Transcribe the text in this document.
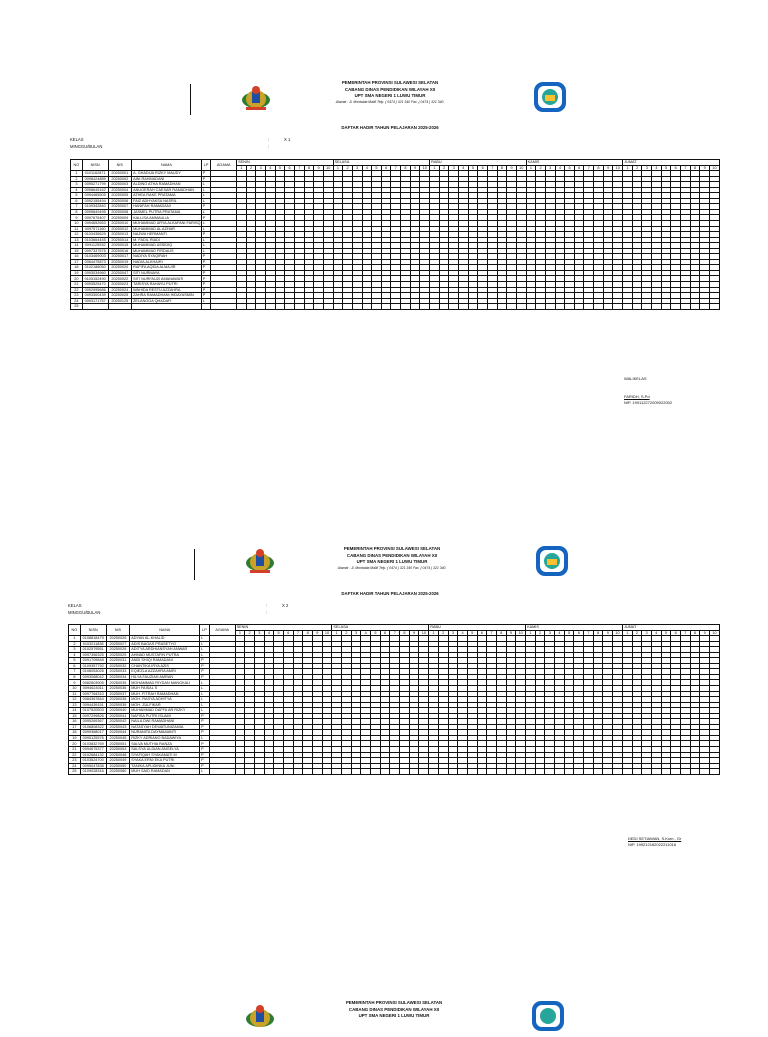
PEMERINTAH PROVINSI SULAWESI SELATAN
CABANG DINAS PENDIDIKAN WILAYAH XII
UPT SMA NEGERI 1 LUWU TIMUR
Alamat : Jl. Montaida Malili Telp. ( 0474 ) 321 340 Fax. ( 0474 ) 321 340.
DAFTAR HADIR TAHUN PELAJARAN 2025-2026
KELAS	:	X 1
MINGGU/BULAN	:
NO	NISN	NIS	NAMA	LP	AGAMA	SENIN										SELASA										RABU										KAMIS										JUMAT									
						1	2	3	4	5	6	7	8	9	10	1	2	3	4	5	6	7	8	9	10	1	2	3	4	5	6	7	8	9	10	1	2	3	4	5	6	7	8	9	10	1	2	3	4	5	6	7	8	9	10
1	0101162871	20250001	A. GHADIJA RIZKY MAUDY	P																																																			
2	0098424889	20250002	AINI RAHMADANI	P																																																			
3	0095271799	20250003	ALDINO ATHA RAMADHAN	L																																																			
4	0098645162	20250004	ANUGERAH CAESAR RAMADHAN	L																																																			
5	0094465505	20250005	ATHEA RAKE PRATAMA	L																																																			
6	0092155494	20250006	FAIZ ADHYAKSA NASRIL	L																																																			
7	0109342840	20250007	HANIFAH RAMADANI	P																																																			
8	0095840495	20250008	JASMEL PUTRA PRATAMA	L																																																			
9	0097675407	20250009	KALLISA AMMAULIA	P																																																			
10	0094652653	20250010	MUHAMMAD ARYA ALKAFANI FARISQ	L																																																			
11	0097571160	20250012	MUHAMMAD AL AZHAR	L																																																			
12	0103435629	20250013	NAJWA HERMANTI	P																																																			
13	0103664445	20250014	M. FADIL RIADI	L																																																			
14	0091125932	20250015	MUHAMMAD ASSIDIQ	L																																																			
15	0097337575	20250016	MUHAMMAD FIRDAUS	L																																																			
16	0103469003	20250017	NADIYA SYAQIRAH	P																																																			
17	0064475873	20250019	NADIA ALKHAIRI	P																																																			
18	0102188050	20250020	RAFIFA AQIDA ALMAJIR	P																																																			
19	0093034960	20250047	SITI NURMAYA	P																																																			
20	0103152490	20250022	SITI NURFAUZI AMANAWATI	P																																																			
21	0093525470	20250023	TARISYA RAHAYU PUTRI	P																																																			
22	0092995686	20250024	WAHIDA RESTU AZZAHRA	P																																																			
23	0093300439	20250025	ZAHRA RAMADHANI HIDAYASMIN	P																																																			
24	0093171757	20250125	ZELANGGA QHADAFI	L																																																			
25																																																							
WALIKELAS
FARIDH, S.Pd
NIP. 199112272009022002
PEMERINTAH PROVINSI SULAWESI SELATAN
CABANG DINAS PENDIDIKAN WILAYAH XII
UPT SMA NEGERI 1 LUWU TIMUR
Alamat : Jl. Montaida Malili Telp. ( 0474 ) 321 340 Fax. ( 0474 ) 321 340.
DAFTAR HADIR TAHUN PELAJARAN 2025-2026
KELAS	:	X 2
MINGGU/BULAN	:
NO	NISN	NIS	NAMA	LP	AGAMA	SENIN										SELASA										RABU										KAMIS										JUMAT									
						1	2	3	4	5	6	7	8	9	10	1	2	3	4	5	6	7	8	9	10	1	2	3	4	5	6	7	8	9	10	1	2	3	4	5	6	7	8	9	10	1	2	3	4	5	6	7	8	9	10
1	0108818479	20250026	ADYAN AL-KHALID	L																																																			
2	0103211836	20250027	ADIS BAGAS PRASETYO	L																																																			
3	0102579551	20250028	ADITYA ARDHIANSYAH ANWAR	L																																																			
4	0097356325	20250029	AHMAD MUSTAFIN PUTRA	L																																																			
5	0091709848	20250031	ANDI SHIQI RAMADANI	P																																																			
6	0109357792	20250032	CHANTIKA IRYA AZIS	P																																																			
7	0108053026	20250033	EQIEZLA AZZAHRA AMRI	P																																																			
8	0093068042	20250034	HILYA FAUZIAH AMRAN	P																																																			
9	0082603905	20250035	MOHAMMAD RIYDAN MANGKALI	L																																																			
10	0094624011	20250036	MUH FAISAL S	L																																																			
11	0097764310	20250037	MUH. FITRAH RAMADHAN	L																																																			
12	0084367844	20250038	MOH. RASYA ADHITYA	L																																																			
13	0094439151	20250039	MOH. ZULFIKAR	L																																																			
14	0107520503	20250040	MUHAMMAD DAFFA AR RIZKY	L																																																			
15	0097299826	20250041	NAFISA PUTRI ISLAMI	P																																																			
16	0095269367	20250042	NAILA DWI RAMADHANI	P																																																			
17	0106808322	20250043	NATASYAH DEWATUNIZAMIA	P																																																			
18	0099368017	20250044	NURANITA DAYMAMANTI	P																																																			
19	0095125576	20250045	RIZKY ADRIANO BADAWIYA	L																																																			
20	0103832769	20250051	SALVA MUTHIA RANZA	P																																																			
21	0094675377	20250053	SALSYA ULDIAN ANGELYA	P																																																			
22	0102684132	20250048	SYAFIQAH SYAKAMATI M	P																																																			
23	0103524700	20250049	SYAKA ERNI EKA PUTRI	P																																																			
24	0095047838	20250050	TANIKA APLIDINKA JUNI	P																																																			
25	0109028316	20250080	MUH SAID RAMADAN	L																																																			
DEDI SETIAWAN, S.Kom., Gr
NIP. 199212162022211016
PEMERINTAH PROVINSI SULAWESI SELATAN
CABANG DINAS PENDIDIKAN WILAYAH XII
UPT SMA NEGERI 1 LUWU TIMUR
